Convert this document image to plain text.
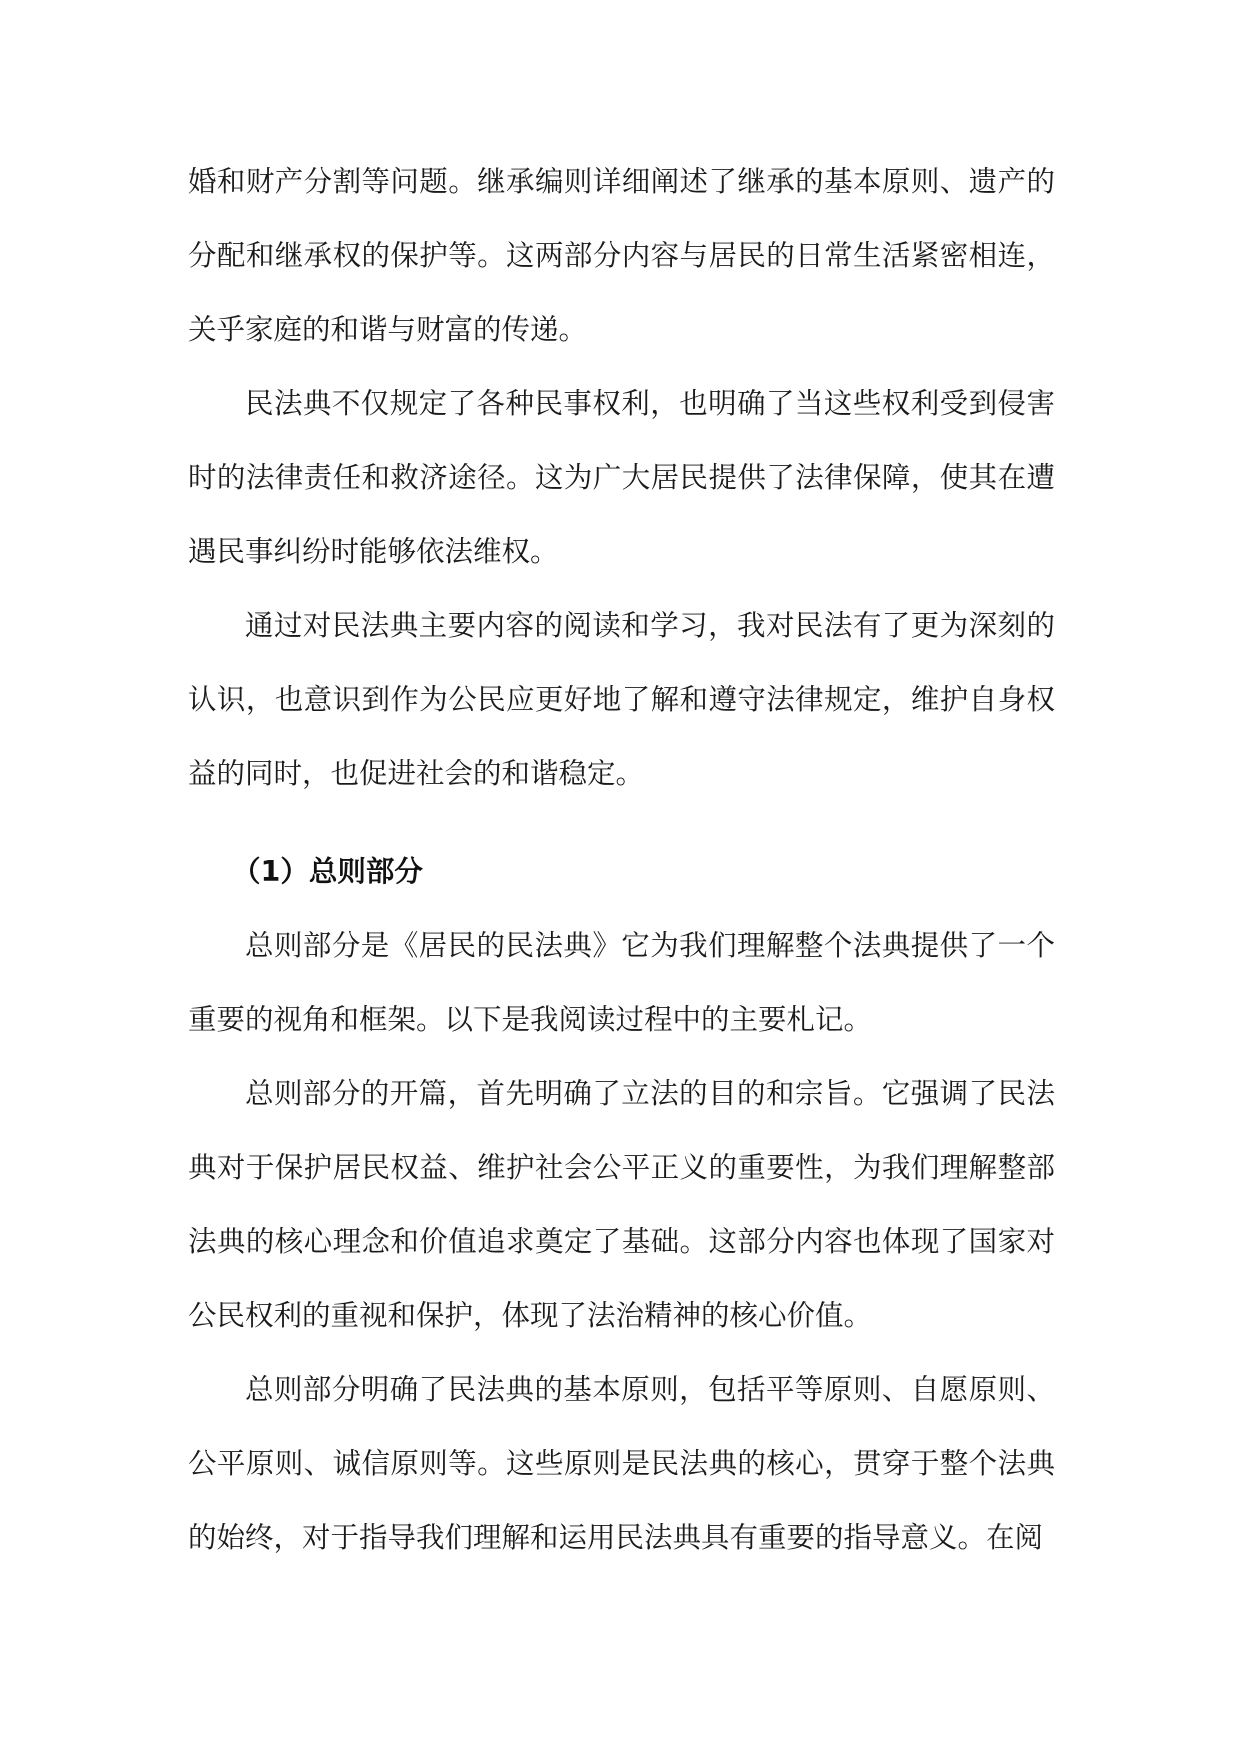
婚和财产分割等问题。继承编则详细阐述了继承的基本原则、遗产的分配和继承权的保护等。这两部分内容与居民的日常生活紧密相连，关乎家庭的和谐与财富的传递。

民法典不仅规定了各种民事权利，也明确了当这些权利受到侵害时的法律责任和救济途径。这为广大居民提供了法律保障，使其在遭遇民事纠纷时能够依法维权。

通过对民法典主要内容的阅读和学习，我对民法有了更为深刻的认识，也意识到作为公民应更好地了解和遵守法律规定，维护自身权益的同时，也促进社会的和谐稳定。

（1）总则部分

总则部分是《居民的民法典》它为我们理解整个法典提供了一个重要的视角和框架。以下是我阅读过程中的主要札记。

总则部分的开篇，首先明确了立法的目的和宗旨。它强调了民法典对于保护居民权益、维护社会公平正义的重要性，为我们理解整部法典的核心理念和价值追求奠定了基础。这部分内容也体现了国家对公民权利的重视和保护，体现了法治精神的核心价值。

总则部分明确了民法典的基本原则，包括平等原则、自愿原则、公平原则、诚信原则等。这些原则是民法典的核心，贯穿于整个法典的始终，对于指导我们理解和运用民法典具有重要的指导意义。在阅
